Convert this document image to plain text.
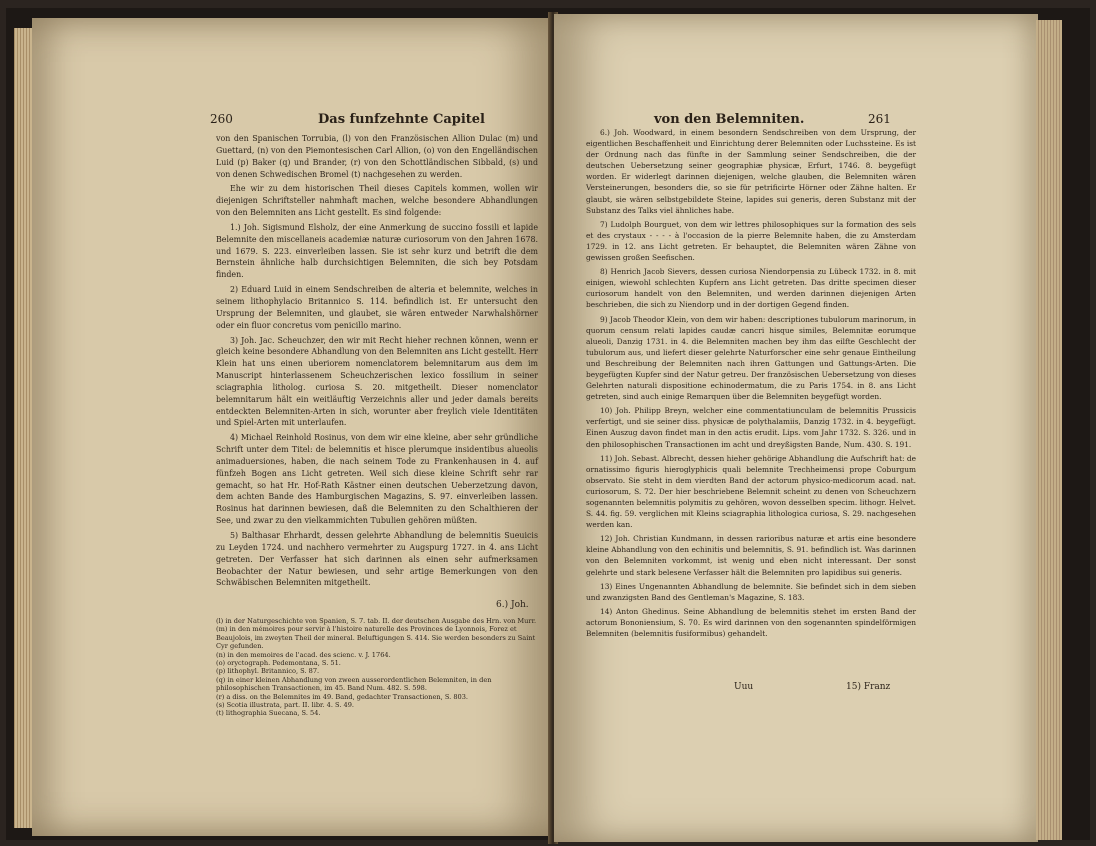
260	Das funfzehnte Capitel	von den Belemniten.	261

von den Spanischen Torrubia, (l) von den Französischen Allion Dulac (m) und Guettard, (n) von den Piemontesischen Carl Allion, (o) von den Engelländischen Luid (p) Baker (q) und Brander, (r) von den Schottländischen Sibbald, (s) und von denen Schwedischen Bromel (t) nachgesehen zu werden.

Ehe wir zu dem historischen Theil dieses Capitels kommen, wollen wir diejenigen Schriftsteller nahmhaft machen, welche besondere Abhandlungen von den Belemniten ans Licht gestellt. Es sind folgende:

1.) Joh. Sigismund Elsholz, der eine Anmerkung de succino fossili et lapide Belemnite den miscellaneis academiæ naturæ curiosorum von den Jahren 1678. und 1679. S. 223. einverleiben lassen. Sie ist sehr kurz und betrift die dem Bernstein ähnliche halb durchsichtigen Belemniten, die sich bey Potsdam finden.

2) Eduard Luid in einem Sendschreiben de alteria et belemnite, welches in seinem lithophylacio Britannico S. 114. befindlich ist. Er untersucht den Ursprung der Belemniten, und glaubet, sie wären entweder Narwhalshörner oder ein fluor concretus vom penicillo marino.

3) Joh. Jac. Scheuchzer, den wir mit Recht hieher rechnen können, wenn er gleich keine besondere Abhandlung von den Belemniten ans Licht gestellt. Herr Klein hat uns einen uberiorem nomenclatorem belemnitarum aus dem im Manuscript hinterlassenem Scheuchzerischen lexico fossilium in seiner sciagraphia litholog. curiosa S. 20. mitgetheilt. Dieser nomenclator belemnitarum hält ein weitläuftig Verzeichnis aller und jeder damals bereits entdeckten Belemniten-Arten in sich, worunter aber freylich viele Identitäten und Spiel-Arten mit unterlaufen.

4) Michael Reinhold Rosinus, von dem wir eine kleine, aber sehr gründliche Schrift unter dem Titel: de belemnitis et hisce plerumque insidentibus alueolis animaduersiones, haben, die nach seinem Tode zu Frankenhausen in 4. auf fünfzeh Bogen ans Licht getreten. Weil sich diese kleine Schrift sehr rar gemacht, so hat Hr. Hof-Rath Kästner einen deutschen Ueberzetzung davon, dem achten Bande des Hamburgischen Magazins, S. 97. einverleiben lassen. Rosinus hat darinnen bewiesen, daß die Belemniten zu den Schalthieren der See, und zwar zu den vielkammichten Tubulien gehören müßten.

5) Balthasar Ehrhardt, dessen gelehrte Abhandlung de belemnitis Sueuicis zu Leyden 1724. und nachhero vermehrter zu Augspurg 1727. in 4. ans Licht getreten. Der Verfasser hat sich darinnen als einen sehr aufmerksamen Beobachter der Natur bewiesen, und sehr artige Bemerkungen von den Schwäbischen Belemniten mitgetheilt.

6.) Joh.

(l) in der Naturgeschichte von Spanien, S. 7. tab. II. der deutschen Ausgabe des Hrn. von Murr.

(m) in den mémoires pour servir à l'histoire naturelle des Provinces de Lyonnois, Forez et Beaujolois, im zweyten Theil der mineral. Beluftigungen S. 414. Sie werden besonders zu Saint Cyr gefunden.

(n) in den memoires de l'acad. des scienc. v. J. 1764.

(o) oryctograph. Pedemontana, S. 51.

(p) lithophyl. Britannico, S. 87.

(q) in einer kleinen Abhandlung von zween ausserordentlichen Belemniten, in den philosophischen Transactionen, im 45. Band Num. 482. S. 598.

(r) a diss. on the Belemnites im 49. Band, gedachter Transactionen, S. 803.

(s) Scotia illustrata, part. II. libr. 4. S. 49.

(t) lithographia Suecana, S. 54.

6.) Joh. Woodward, in einem besondern Sendschreiben von dem Ursprung, der eigentlichen Beschaffenheit und Einrichtung derer Belemniten oder Luchssteine. Es ist der Ordnung nach das fünfte in der Sammlung seiner Sendschreiben, die der deutschen Uebersetzung seiner geographiæ physicæ, Erfurt, 1746. 8. beygefügt worden. Er widerlegt darinnen diejenigen, welche glauben, die Belemniten wären Versteinerungen, besonders die, so sie für petrificirte Hörner oder Zähne halten. Er glaubt, sie wären selbstgebildete Steine, lapides sui generis, deren Substanz mit der Substanz des Talks viel ähnliches habe.

7) Ludolph Bourguet, von dem wir lettres philosophiques sur la formation des sels et des crystaux - - - - à l'occasion de la pierre Belemnite haben, die zu Amsterdam 1729. in 12. ans Licht getreten. Er behauptet, die Belemniten wären Zähne von gewissen großen Seefischen.

8) Henrich Jacob Sievers, dessen curiosa Niendorpensia zu Lübeck 1732. in 8. mit einigen, wiewohl schlechten Kupfern ans Licht getreten. Das dritte specimen dieser curiosorum handelt von den Belemniten, und werden darinnen diejenigen Arten beschrieben, die sich zu Niendorp und in der dortigen Gegend finden.

9) Jacob Theodor Klein, von dem wir haben: descriptiones tubulorum marinorum, in quorum censum relati lapides caudæ cancri hisque similes, Belemnitæ eorumque alueoli, Danzig 1731. in 4. die Belemniten machen bey ihm das eilfte Geschlecht der tubulorum aus, und liefert dieser gelehrte Naturforscher eine sehr genaue Eintheilung und Beschreibung der Belemniten nach ihren Gattungen und Gattungs-Arten. Die beygefügten Kupfer sind der Natur getreu. Der französischen Uebersetzung von dieses Gelehrten naturali dispositione echinodermatum, die zu Paris 1754. in 8. ans Licht getreten, sind auch einige Remarquen über die Belemniten beygefügt worden.

10) Joh. Philipp Breyn, welcher eine commentatiunculam de belemnitis Prussicis verfertigt, und sie seiner diss. physicæ de polythalamiis, Danzig 1732. in 4. beygefügt. Einen Auszug davon findet man in den actis erudit. Lips. vom Jahr 1732. S. 326. und in den philosophischen Transactionen im acht und dreyßigsten Bande, Num. 430. S. 191.

11) Joh. Sebast. Albrecht, dessen hieher gehörige Abhandlung die Aufschrift hat: de ornatissimo figuris hieroglyphicis quali belemnite Trechheimensi prope Coburgum observato. Sie steht in dem vierdten Band der actorum physico-medicorum acad. nat. curiosorum, S. 72. Der hier beschriebene Belemnit scheint zu denen von Scheuchzern sogenannten belemnitis polymitis zu gehören, wovon desselben specim. lithogr. Helvet. S. 44. fig. 59. verglichen mit Kleins sciagraphia lithologica curiosa, S. 29. nachgesehen werden kan.

12) Joh. Christian Kundmann, in dessen rarioribus naturæ et artis eine besondere kleine Abhandlung von den echinitis und belemnitis, S. 91. befindlich ist. Was darinnen von den Belemniten vorkommt, ist wenig und eben nicht interessant. Der sonst gelehrte und stark belesene Verfasser hält die Belemniten pro lapidibus sui generis.

13) Eines Ungenannten Abhandlung de belemnite. Sie befindet sich in dem sieben und zwanzigsten Band des Gentleman's Magazine, S. 183.

14) Anton Ghedinus. Seine Abhandlung de belemnitis stehet im ersten Band der actorum Bononiensium, S. 70. Es wird darinnen von den sogenannten spindelförmigen Belemniten (belemnitis fusiformibus) gehandelt.

Uuu	15) Franz
